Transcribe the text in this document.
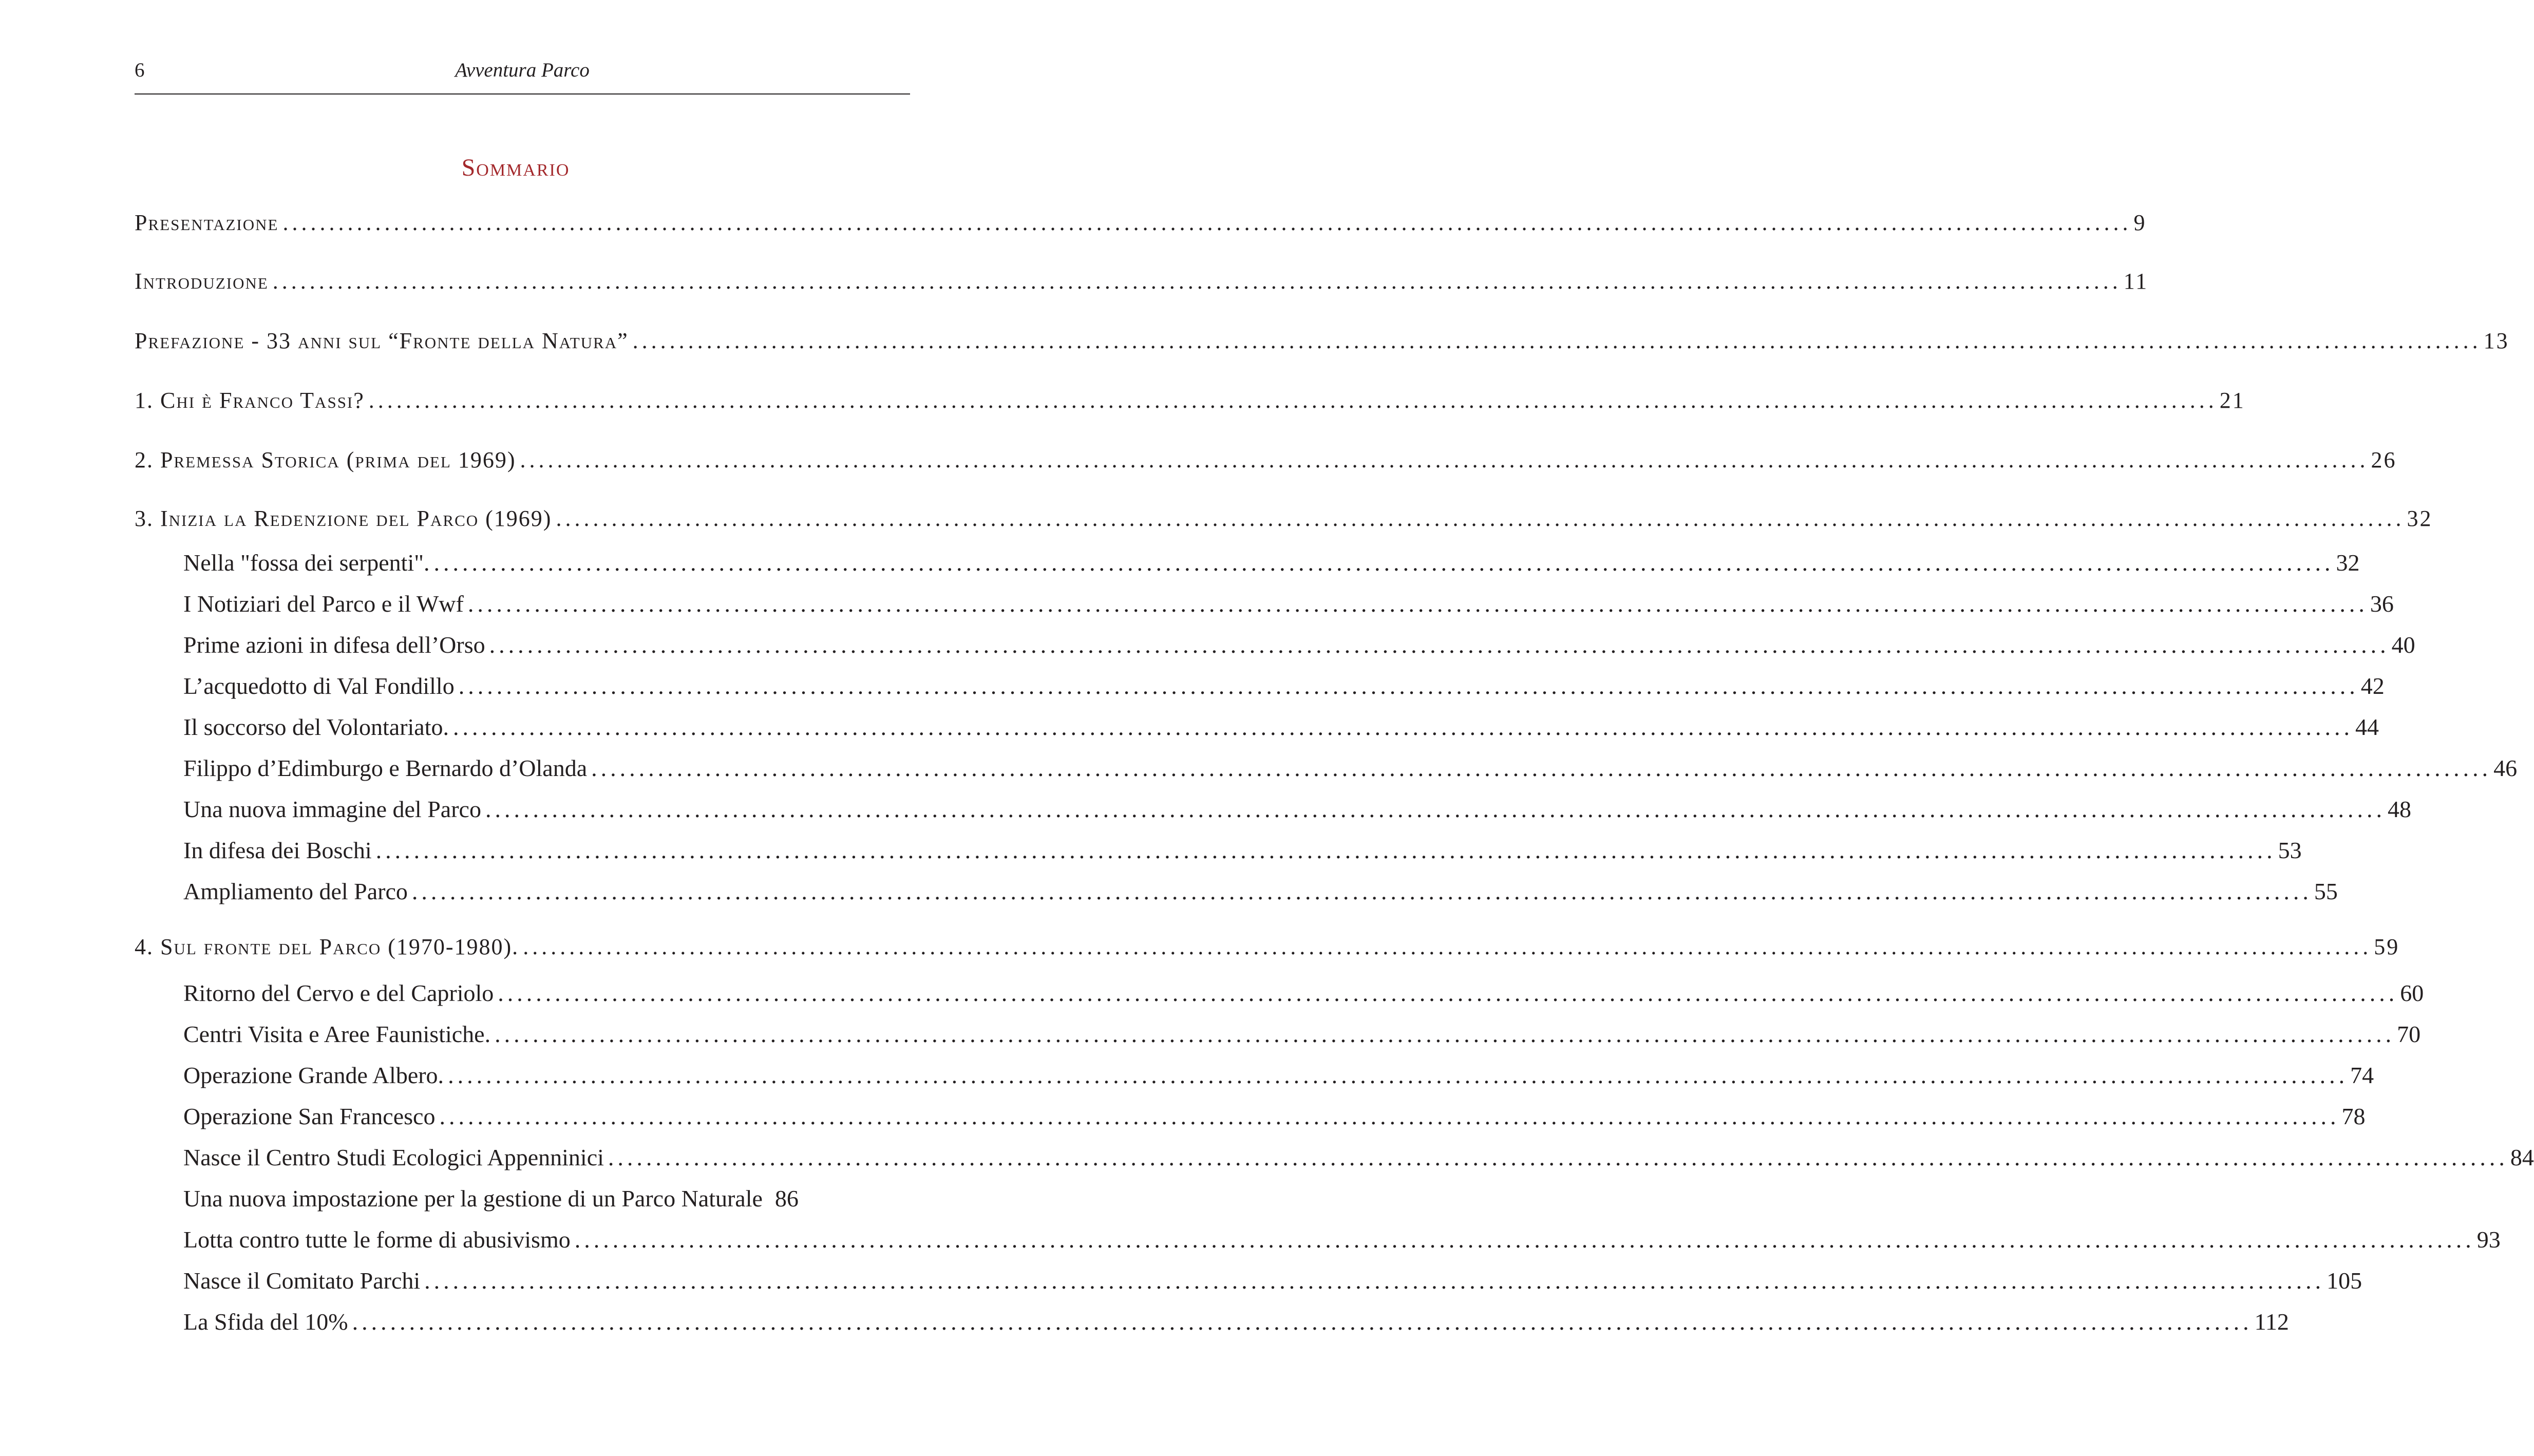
6	Avventura Parco
Sommario
Presentazione ........................................................................................................................................................................................................ 9
Introduzione ........................................................................................................................................................................................................ 11
Prefazione - 33 anni sul “Fronte della Natura” ........................................................................................................................................................................................................ 13
1. Chi è Franco Tassi? ........................................................................................................................................................................................................ 21
2. Premessa Storica (prima del 1969) ........................................................................................................................................................................................................ 26
3. Inizia la Redenzione del Parco (1969) ........................................................................................................................................................................................................ 32
Nella "fossa dei serpenti". ........................................................................................................................................................................................................ 32
I Notiziari del Parco e il Wwf ........................................................................................................................................................................................................ 36
Prime azioni in difesa dell’Orso ........................................................................................................................................................................................................ 40
L’acquedotto di Val Fondillo ........................................................................................................................................................................................................ 42
Il soccorso del Volontariato. ........................................................................................................................................................................................................ 44
Filippo d’Edimburgo e Bernardo d’Olanda ........................................................................................................................................................................................................ 46
Una nuova immagine del Parco ........................................................................................................................................................................................................ 48
In difesa dei Boschi ........................................................................................................................................................................................................ 53
Ampliamento del Parco ........................................................................................................................................................................................................ 55
4. Sul fronte del Parco (1970-1980). ........................................................................................................................................................................................................ 59
Ritorno del Cervo e del Capriolo ........................................................................................................................................................................................................ 60
Centri Visita e Aree Faunistiche. ........................................................................................................................................................................................................ 70
Operazione Grande Albero. ........................................................................................................................................................................................................ 74
Operazione San Francesco ........................................................................................................................................................................................................ 78
Nasce il Centro Studi Ecologici Appenninici ........................................................................................................................................................................................................ 84
Una nuova impostazione per la gestione di un Parco Naturale 86
Lotta contro tutte le forme di abusivismo ........................................................................................................................................................................................................ 93
Nasce il Comitato Parchi ........................................................................................................................................................................................................ 105
La Sfida del 10% ........................................................................................................................................................................................................ 112
